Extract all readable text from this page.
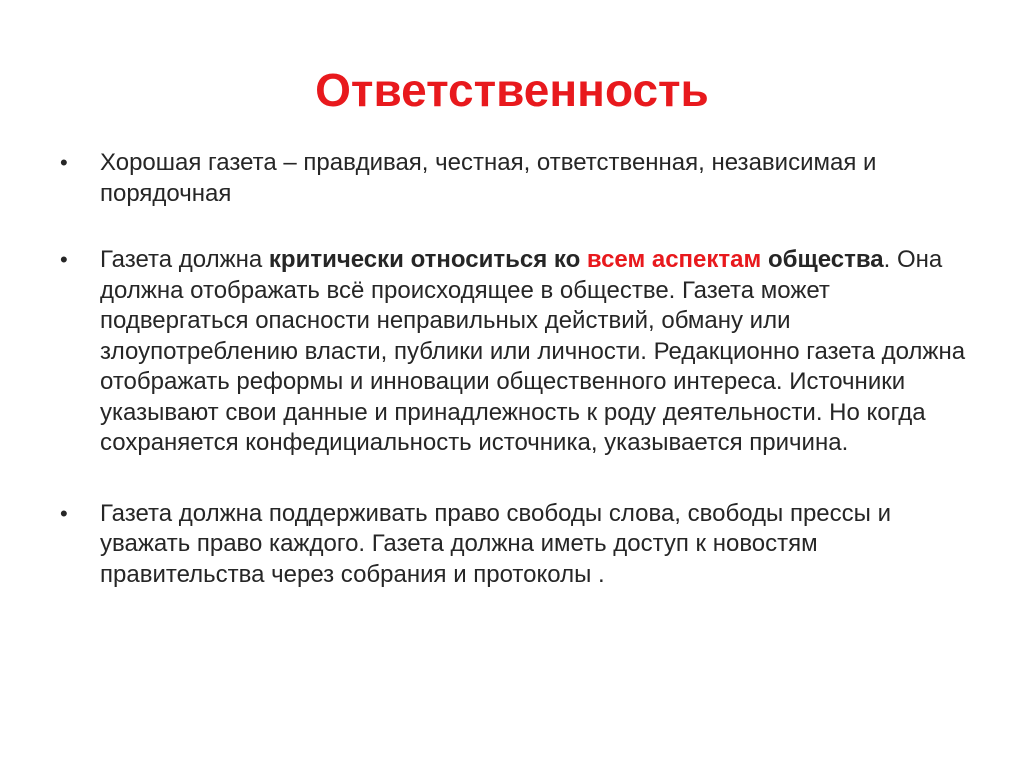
Ответственность
• Хорошая газета – правдивая, честная, ответственная, независимая и порядочная
• Газета должна критически относиться ко всем аспектам общества. Она должна отображать всё происходящее в обществе. Газета может подвергаться опасности неправильных действий, обману или злоупотреблению власти, публики или личности. Редакционно газета должна отображать реформы и инновации общественного интереса. Источники указывают свои данные и принадлежность к роду деятельности. Но когда сохраняется конфедициальность источника, указывается причина.
• Газета должна поддерживать право свободы слова, свободы прессы и уважать право каждого. Газета должна иметь доступ к новостям правительства через собрания и протоколы .
